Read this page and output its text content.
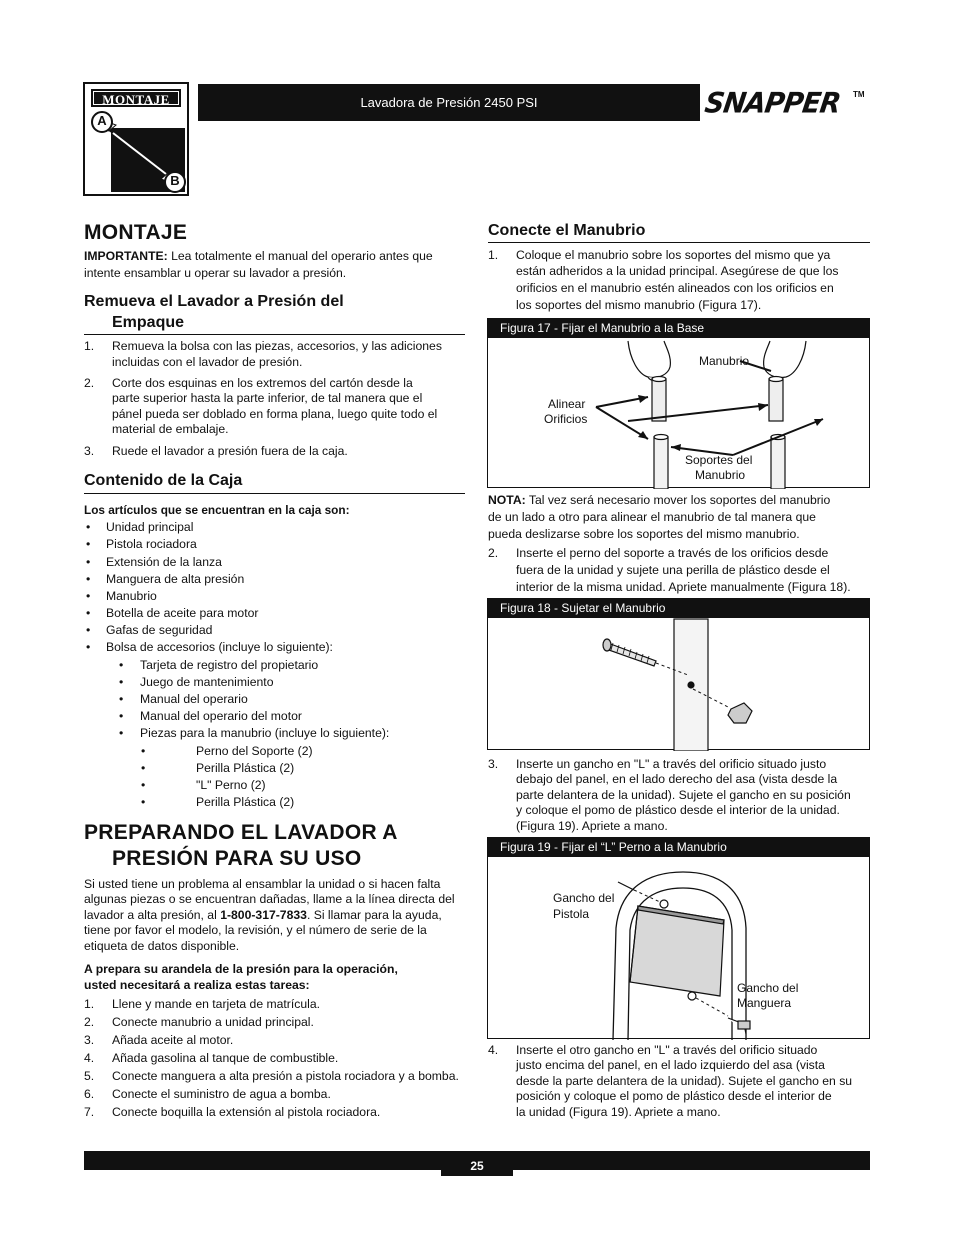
MONTAJE
A
B
Lavadora de Presión 2450 PSI	SNAPPER TM
MONTAJE

IMPORTANTE: Lea totalmente el manual del operario antes que intente ensamblar u operar su lavador a presión.

Remueva el Lavador a Presión del
Empaque
1. Remueva la bolsa con las piezas, accesorios, y las adiciones
incluidas con el lavador de presión.
2. Corte dos esquinas en los extremos del cartón desde la
parte superior hasta la parte inferior, de tal manera que el
pánel pueda ser doblado en forma plana, luego quite todo el
material de embalaje.
3. Ruede el lavador a presión fuera de la caja.
Contenido de la Caja

Los artículos que se encuentran en la caja son:

• Unidad principal
• Pistola rociadora
• Extensión de la lanza
• Manguera de alta presión
• Manubrio
• Botella de aceite para motor
• Gafas de seguridad
• Bolsa de accesorios (incluye lo siguiente):
• Tarjeta de registro del propietario
• Juego de mantenimiento
• Manual del operario
• Manual del operario del motor
• Piezas para la manubrio (incluye lo siguiente):
•	Perno del Soporte (2)
•	Perilla Plástica (2)
•	"L" Perno (2)
•	Perilla Plástica (2)
PREPARANDO EL LAVADOR A
PRESIÓN PARA SU USO
Si usted tiene un problema al ensamblar la unidad o si hacen falta
algunas piezas o se encuentran dañadas, llame a la línea directa del
lavador a alta presión, al 1-800-317-7833. Si llamar para la ayuda,
tiene por favor el modelo, la revisión, y el número de serie de la
etiqueta de datos disponible.
A prepara su arandela de la presión para la operación,
usted necesitará a realiza estas tareas:
1. Llene y mande en tarjeta de matrícula.
2. Conecte manubrio a unidad principal.
3. Añada aceite al motor.
4. Añada gasolina al tanque de combustible.
5. Conecte manguera a alta presión a pistola rociadora y a bomba.
6. Conecte el suministro de agua a bomba.
7. Conecte boquilla la extensión al pistola rociadora.
Conecte el Manubrio
1. Coloque el manubrio sobre los soportes del mismo que ya
están adheridos a la unidad principal. Asegúrese de que los
orificios en el manubrio estén alineados con los orificios en
los soportes del mismo manubrio (Figura 17).
Figura 17 - Fijar el Manubrio a la Base
Manubrio
Alinear
Orificios
Soportes del
Manubrio
NOTA: Tal vez será necesario mover los soportes del manubrio
de un lado a otro para alinear el manubrio de tal manera que
pueda deslizarse sobre los soportes del mismo manubrio.
2. Inserte el perno del soporte a través de los orificios desde
fuera de la unidad y sujete una perilla de plástico desde el
interior de la misma unidad. Apriete manualmente (Figura 18).
Figura 18 - Sujetar el Manubrio
3. Inserte un gancho en "L" a través del orificio situado justo
debajo del panel, en el lado derecho del asa (vista desde la
parte delantera de la unidad). Sujete el gancho en su posición
y coloque el pomo de plástico desde el interior de la unidad.
(Figura 19). Apriete a mano.
Figura 19 - Fijar el “L” Perno a la Manubrio
Gancho del
Pistola
Gancho del
Manguera
4. Inserte el otro gancho en "L" a través del orificio situado
justo encima del panel, en el lado izquierdo del asa (vista
desde la parte delantera de la unidad). Sujete el gancho en su
posición y coloque el pomo de plástico desde el interior de
la unidad (Figura 19). Apriete a mano.
25
